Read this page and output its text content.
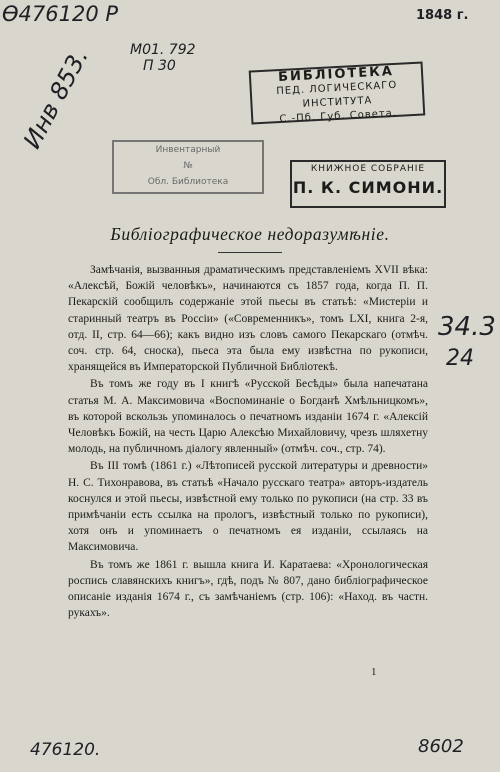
Ѳ476120 Р
Инв 853.	М01. 792
П 30
1848 г.
БИБЛІОТЕКА
ПЕД. ЛОГИЧЕСКАГО ИНСТИТУТА
С.-Пб. Губ. Совета.
Инвентарный
№
Обл. Библиотека
КНИЖНОЕ СОБРАНІЕ
П. К. СИМОНИ.
Библіографическое недоразумѣніе.

Замѣчанія, вызванныя драматическимъ представленіемъ XVII вѣка: «Алексѣй, Божій человѣкъ», начинаются съ 1857 года, когда П. П. Пекарскій сообщилъ содержаніе этой пьесы въ статьѣ: «Мистеріи и старинный театръ въ Россіи» («Современникъ», томъ LXI, книга 2-я, отд. II, стр. 64—66); какъ видно изъ словъ самого Пекарскаго (отмѣч. соч. стр. 64, сноска), пьеса эта была ему извѣстна по рукописи, хранящейся въ Императорской Публичной Библіотекѣ.

Въ томъ же году въ I книгѣ «Русской Бесѣды» была напечатана статья М. А. Максимовича «Воспоминаніе о Богданѣ Хмѣльницкомъ», въ которой вскользь упоминалось о печатномъ изданіи 1674 г. «Алексій Человѣкъ Божій, на честь Царю Алексѣю Михайловичу, чрезъ шляхетну молодь, на публичномъ діалогу явленный» (отмѣч. соч., стр. 74).

Въ III томѣ (1861 г.) «Лѣтописей русской литературы и древности» Н. С. Тихонравова, въ статьѣ «Начало русскаго театра» авторъ-издатель коснулся и этой пьесы, извѣстной ему только по рукописи (на стр. 33 въ примѣчаніи есть ссылка на прологъ, извѣстный только по рукописи), хотя онъ и упоминаетъ о печатномъ ея изданіи, ссылаясь на Максимовича.

Въ томъ же 1861 г. вышла книга И. Каратаева: «Хронологическая роспись славянскихъ книгъ», гдѣ, подъ № 807, дано библіографическое описаніе изданія 1674 г., съ замѣчаніемъ (стр. 106): «Наход. въ частн. рукахъ».

1
34.3
24
476120.	8602
